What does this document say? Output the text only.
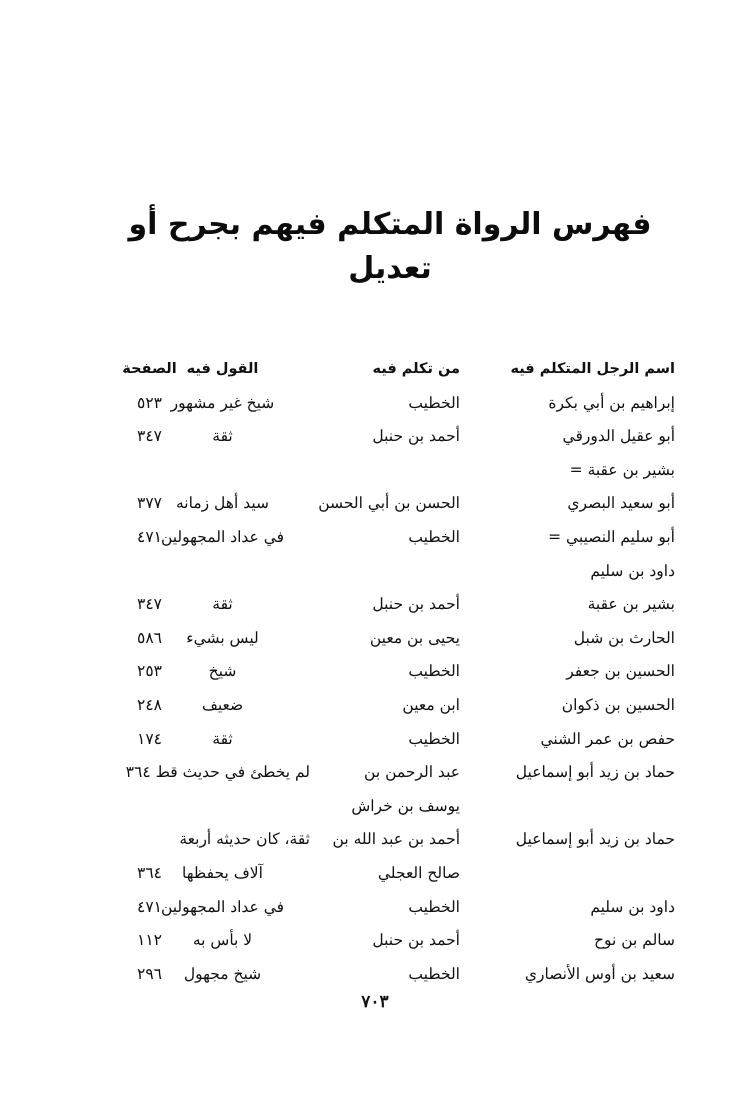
فهرس الرواة المتكلم فيهم بجرح أو تعديل
اسم الرجل المتكلم فيه
من تكلم فيه
القول فيه
الصفحة
إبراهيم بن أبي بكرة
الخطيب
شيخ غير مشهور
٥٢٣
أبو عقيل الدورقي
أحمد بن حنبل
ثقة
٣٤٧
بشير بن عقبة =
أبو سعيد البصري
الحسن بن أبي الحسن
سيد أهل زمانه
٣٧٧
أبو سليم النصيبي =
الخطيب
في عداد المجهولين
٤٧١
داود بن سليم
بشير بن عقبة
أحمد بن حنبل
ثقة
٣٤٧
الحارث بن شبل
يحيى بن معين
ليس بشيء
٥٨٦
الحسين بن جعفر
الخطيب
شيخ
٢٥٣
الحسين بن ذكوان
ابن معين
ضعيف
٢٤٨
حفص بن عمر الشني
الخطيب
ثقة
١٧٤
حماد بن زيد أبو إسماعيل
عبد الرحمن بن
لم يخطئ في حديث قط ٣٦٤
يوسف بن خراش
حماد بن زيد أبو إسماعيل
أحمد بن عبد الله بن
ثقة، كان حديثه أربعة
صالح العجلي
آلاف يحفظها
٣٦٤
داود بن سليم
الخطيب
في عداد المجهولين
٤٧١
سالم بن نوح
أحمد بن حنبل
لا بأس به
١١٢
سعيد بن أوس الأنصاري
الخطيب
شيخ مجهول
٢٩٦
٧٠٣
